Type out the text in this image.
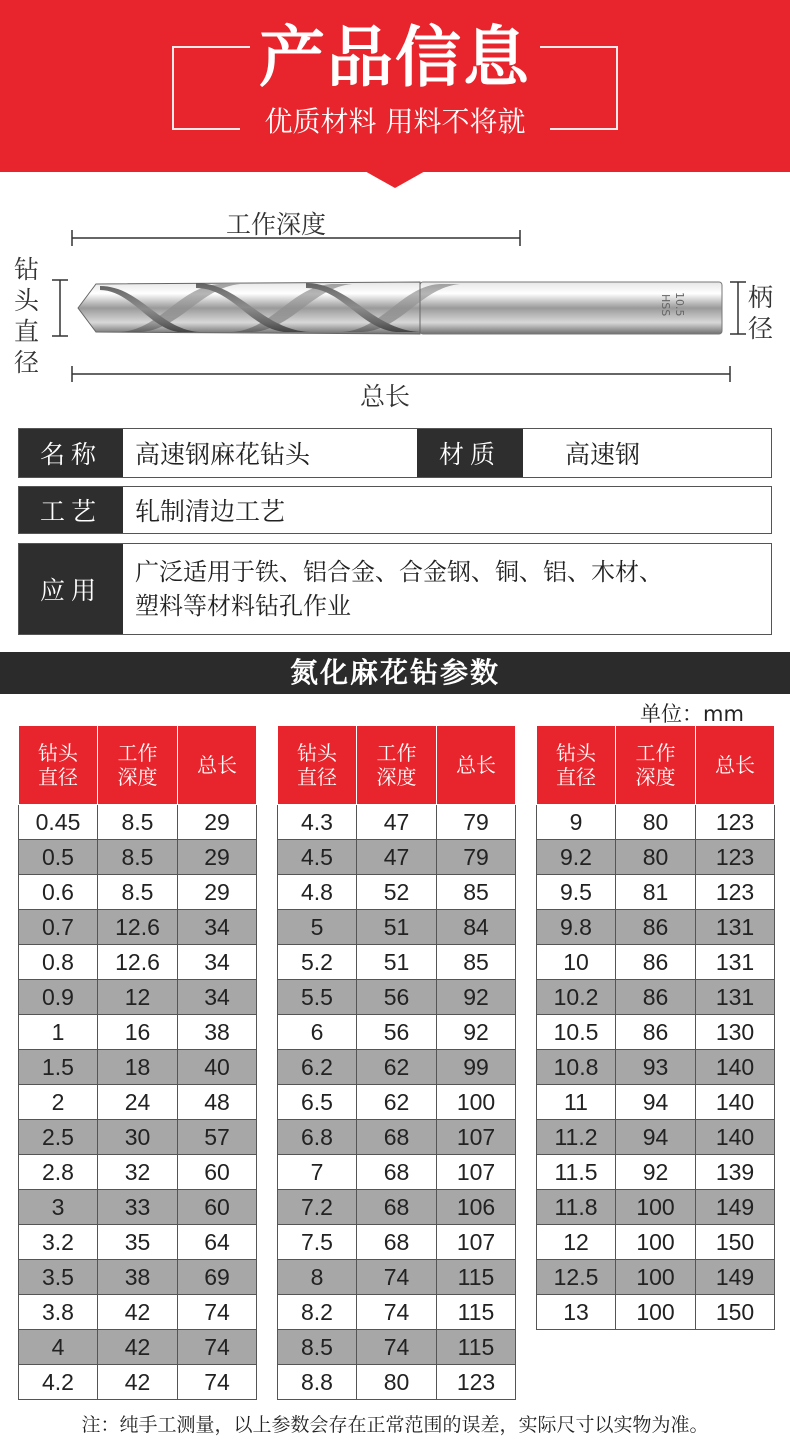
产品信息
优质材料 用料不将就
工作深度
钻
头
直
径
柄
径
总长
10.5
HSS
名称	高速钢麻花钻头	材质	高速钢
工艺	轧制清边工艺
应用
广泛适用于铁、铝合金、合金钢、铜、铝、木材、
塑料等材料钻孔作业
氮化麻花钻参数
单位：mm
钻头
直径	工作
深度	总长
0.45	8.5	29
0.5	8.5	29
0.6	8.5	29
0.7	12.6	34
0.8	12.6	34
0.9	12	34
1	16	38
1.5	18	40
2	24	48
2.5	30	57
2.8	32	60
3	33	60
3.2	35	64
3.5	38	69
3.8	42	74
4	42	74
4.2	42	74
钻头
直径	工作
深度	总长
4.3	47	79
4.5	47	79
4.8	52	85
5	51	84
5.2	51	85
5.5	56	92
6	56	92
6.2	62	99
6.5	62	100
6.8	68	107
7	68	107
7.2	68	106
7.5	68	107
8	74	115
8.2	74	115
8.5	74	115
8.8	80	123
钻头
直径	工作
深度	总长
9	80	123
9.2	80	123
9.5	81	123
9.8	86	131
10	86	131
10.2	86	131
10.5	86	130
10.8	93	140
11	94	140
11.2	94	140
11.5	92	139
11.8	100	149
12	100	150
12.5	100	149
13	100	150
注：纯手工测量，以上参数会存在正常范围的误差，实际尺寸以实物为准。
